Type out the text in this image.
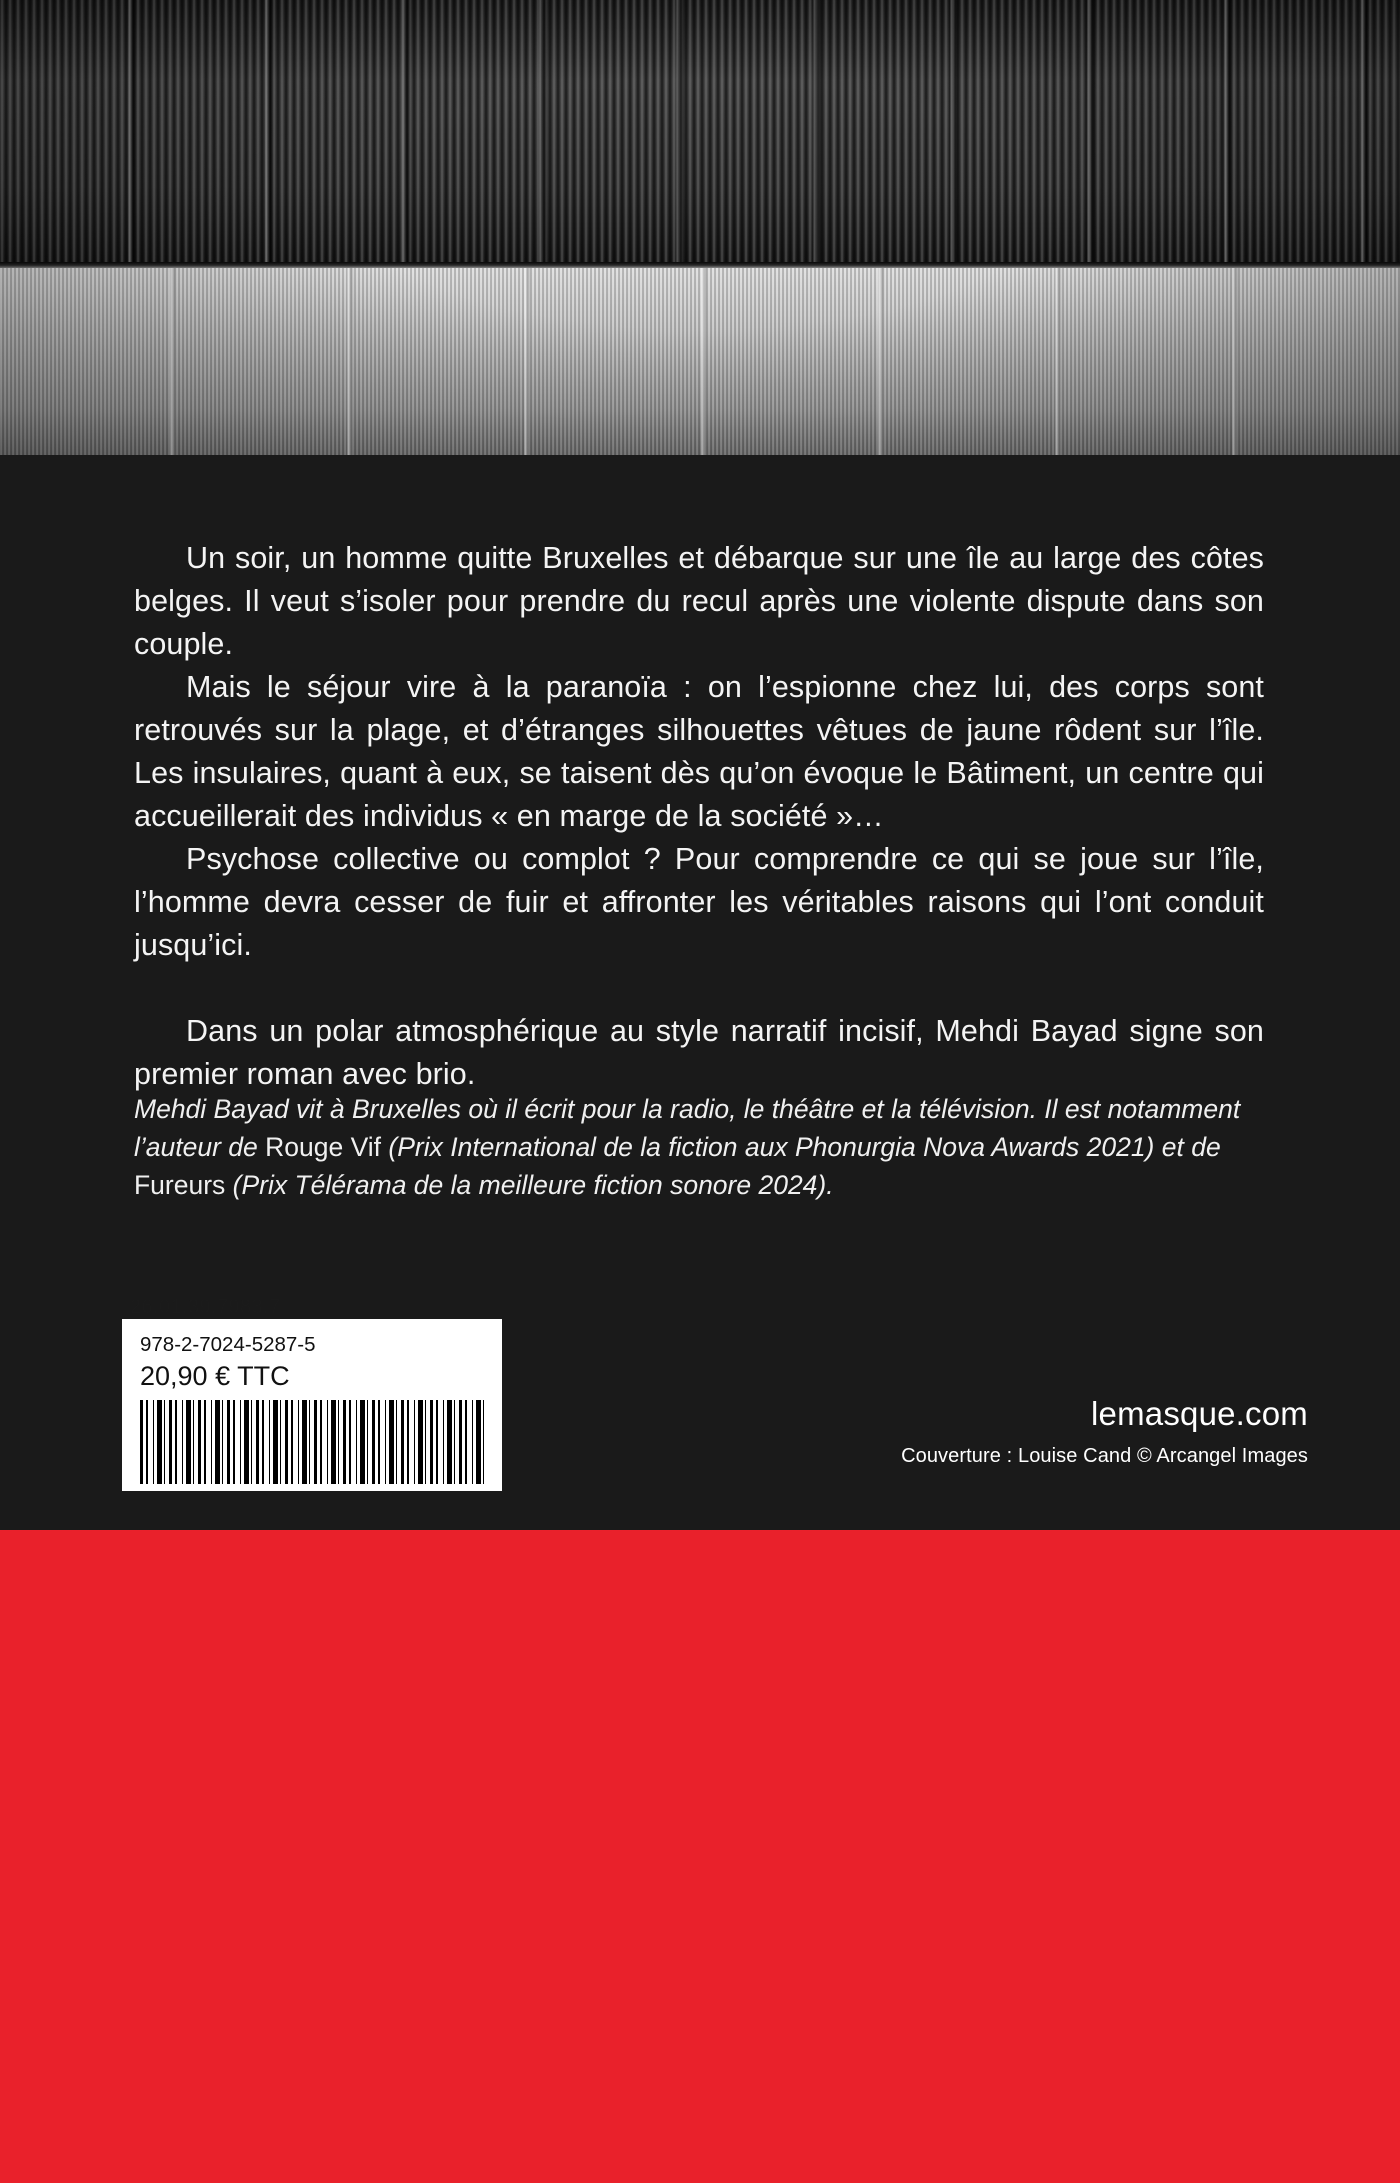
Un soir, un homme quitte Bruxelles et débarque sur une île au large des côtes belges. Il veut s’isoler pour prendre du recul après une violente dispute dans son couple.

Mais le séjour vire à la paranoïa : on l’espionne chez lui, des corps sont retrouvés sur la plage, et d’étranges silhouettes vêtues de jaune rôdent sur l’île. Les insulaires, quant à eux, se taisent dès qu’on évoque le Bâtiment, un centre qui accueillerait des individus « en marge de la société »…

Psychose collective ou complot ? Pour comprendre ce qui se joue sur l’île, l’homme devra cesser de fuir et affronter les véritables raisons qui l’ont conduit jusqu’ici.

Dans un polar atmosphérique au style narratif incisif, Mehdi Bayad signe son premier roman avec brio.

Mehdi Bayad vit à Bruxelles où il écrit pour la radio, le théâtre et la télévision. Il est notamment l’auteur de Rouge Vif (Prix International de la fiction aux Phonurgia Nova Awards 2021) et de Fureurs (Prix Télérama de la meilleure fiction sonore 2024).
26.01.39.7983.7
978-2-7024-5287-5
20,90 € TTC
lemasque.com
Couverture : Louise Cand © Arcangel Images
